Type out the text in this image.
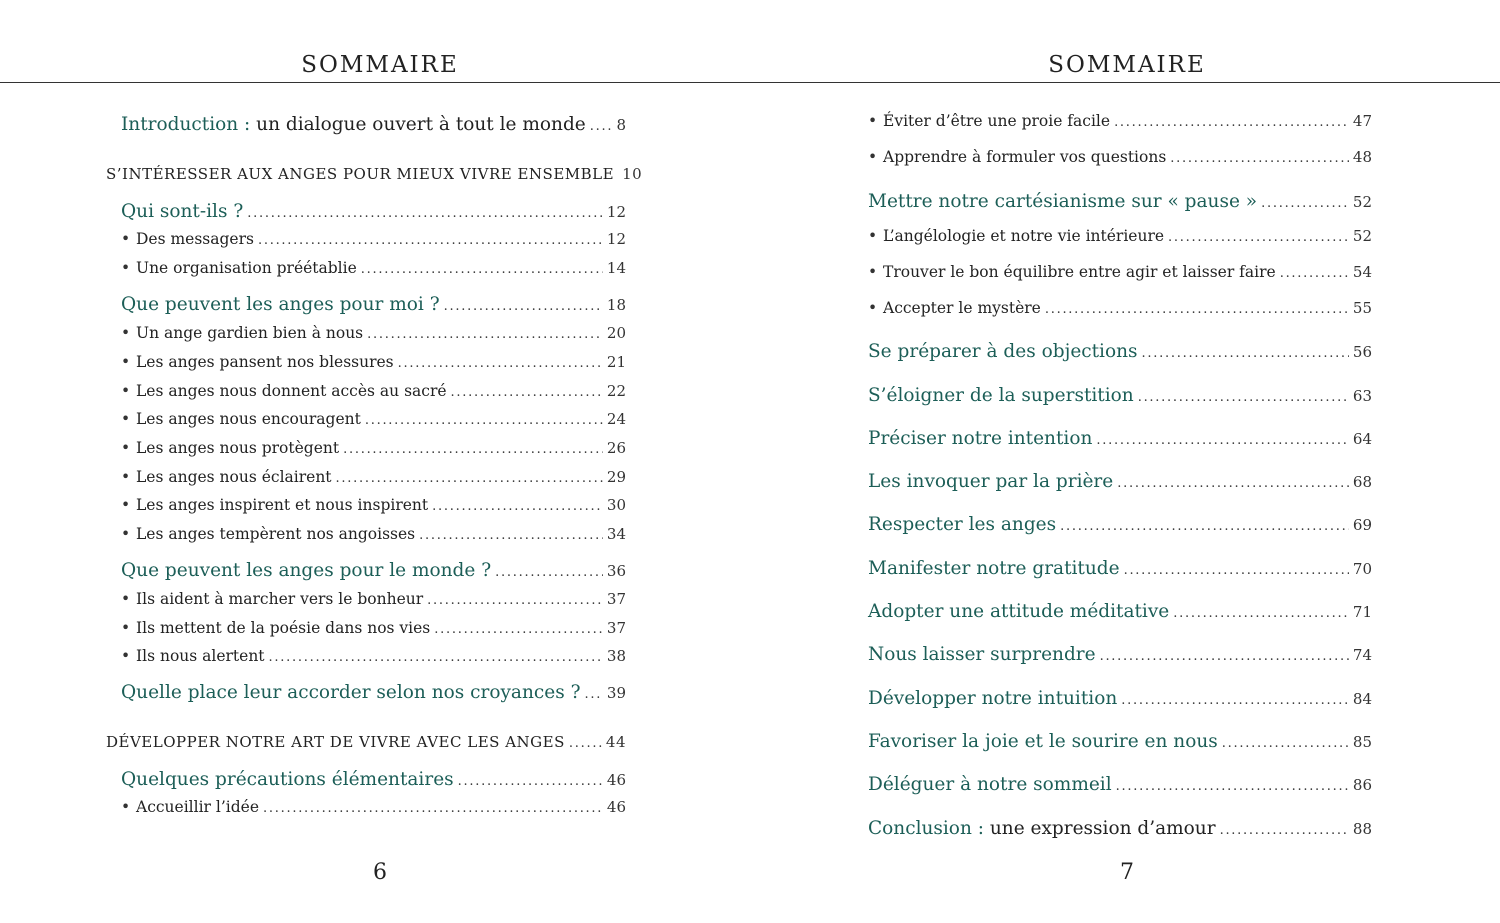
SOMMAIRE
Introduction : un dialogue ouvert à tout le monde . . . 8
S’INTÉRESSER AUX ANGES POUR MIEUX VIVRE ENSEMBLE 10
Qui sont-ils ? . . .	12
• Des messagers . . .	12
• Une organisation préétablie . . .	14
Que peuvent les anges pour moi ? . . .	18
• Un ange gardien bien à nous . . .	20
• Les anges pansent nos blessures . . .	21
• Les anges nous donnent accès au sacré . . .	22
• Les anges nous encouragent . . .	24
• Les anges nous protègent . . .	26
• Les anges nous éclairent . . .	29
• Les anges inspirent et nous inspirent . . .	30
• Les anges tempèrent nos angoisses . . .	34
Que peuvent les anges pour le monde ? . . .	36
• Ils aident à marcher vers le bonheur . . .	37
• Ils mettent de la poésie dans nos vies . . .	37
• Ils nous alertent . . .	38
Quelle place leur accorder selon nos croyances ? . . . 39
DÉVELOPPER NOTRE ART DE VIVRE AVEC LES ANGES . . .	44
Quelques précautions élémentaires . . .	46
• Accueillir l’idée . . .	46
6
SOMMAIRE
• Éviter d’être une proie facile . . .	47
• Apprendre à formuler vos questions . . .	48
Mettre notre cartésianisme sur « pause » . . .	52
• L’angélologie et notre vie intérieure . . .	52
• Trouver le bon équilibre entre agir et laisser faire . . .	54
• Accepter le mystère . . .	55
Se préparer à des objections . . .	56
S’éloigner de la superstition . . .	63
Préciser notre intention . . .	64
Les invoquer par la prière . . .	68
Respecter les anges . . .	69
Manifester notre gratitude . . .	70
Adopter une attitude méditative . . .	71
Nous laisser surprendre . . .	74
Développer notre intuition . . .	84
Favoriser la joie et le sourire en nous . . .	85
Déléguer à notre sommeil . . .	86
Conclusion : une expression d’amour . . .	88
7
